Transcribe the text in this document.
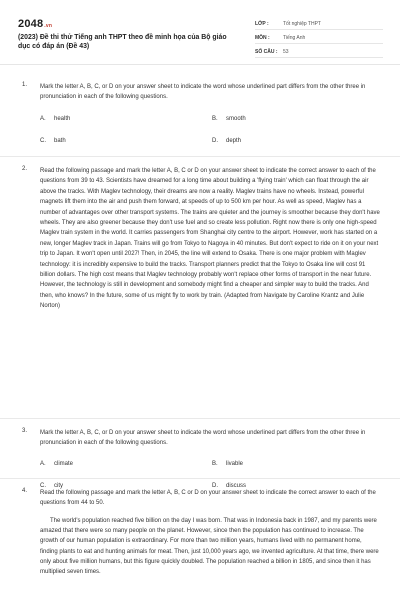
2048.vn
(2023) Đề thi thử Tiếng anh THPT theo đề minh họa của Bộ giáo dục có đáp án (Đề 43)
LỚP :	Tốt nghiệp THPT
MÔN :	Tiếng Anh
SỐ CÂU :	53
1. Mark the letter A, B, C, or D on your answer sheet to indicate the word whose underlined part differs from the other three in pronunciation in each of the following questions.
A. health	B. smooth
C. bath	D. depth
2. Read the following passage and mark the letter A, B, C or D on your answer sheet to indicate the correct answer to each of the questions from 39 to 43. Scientists have dreamed for a long time about building a 'flying train' which can float through the air above the tracks. With Maglev technology, their dreams are now a reality. Maglev trains have no wheels. Instead, powerful magnets lift them into the air and push them forward, at speeds of up to 500 km per hour. As well as speed, Maglev has a number of advantages over other transport systems. The trains are quieter and the journey is smoother because they don't have wheels. They are also greener because they don't use fuel and so create less pollution. Right now there is only one high-speed Maglev train system in the world. It carries passengers from Shanghai city centre to the airport. However, work has started on a new, longer Maglev track in Japan. Trains will go from Tokyo to Nagoya in 40 minutes. But don't expect to ride on it on your next trip to Japan. It won't open until 2027! Then, in 2045, the line will extend to Osaka. There is one major problem with Maglev technology: it is incredibly expensive to build the tracks. Transport planners predict that the Tokyo to Osaka line will cost 91 billion dollars. The high cost means that Maglev technology probably won't replace other forms of transport in the near future. However, the technology is still in development and somebody might find a cheaper and simpler way to build the tracks. And then, who knows? In the future, some of us might fly to work by train. (Adapted from Navigate by Caroline Krantz and Julie Norton)
3. Mark the letter A, B, C, or D on your answer sheet to indicate the word whose underlined part differs from the other three in pronunciation in each of the following questions.
A. climate	B. livable
C. city	D. discuss
4. Read the following passage and mark the letter A, B, C or D on your answer sheet to indicate the correct answer to each of the questions from 44 to 50.
The world's population reached five billion on the day I was born. That was in Indonesia back in 1987, and my parents were amazed that there were so many people on the planet. However, since then the population has continued to increase. The growth of our human population is extraordinary. For more than two million years, humans lived with no permanent home, finding plants to eat and hunting animals for meat. Then, just 10,000 years ago, we invented agriculture. At that time, there were only about five million humans, but this figure quickly doubled. The population reached a billion in 1805, and since then it has multiplied seven times.
